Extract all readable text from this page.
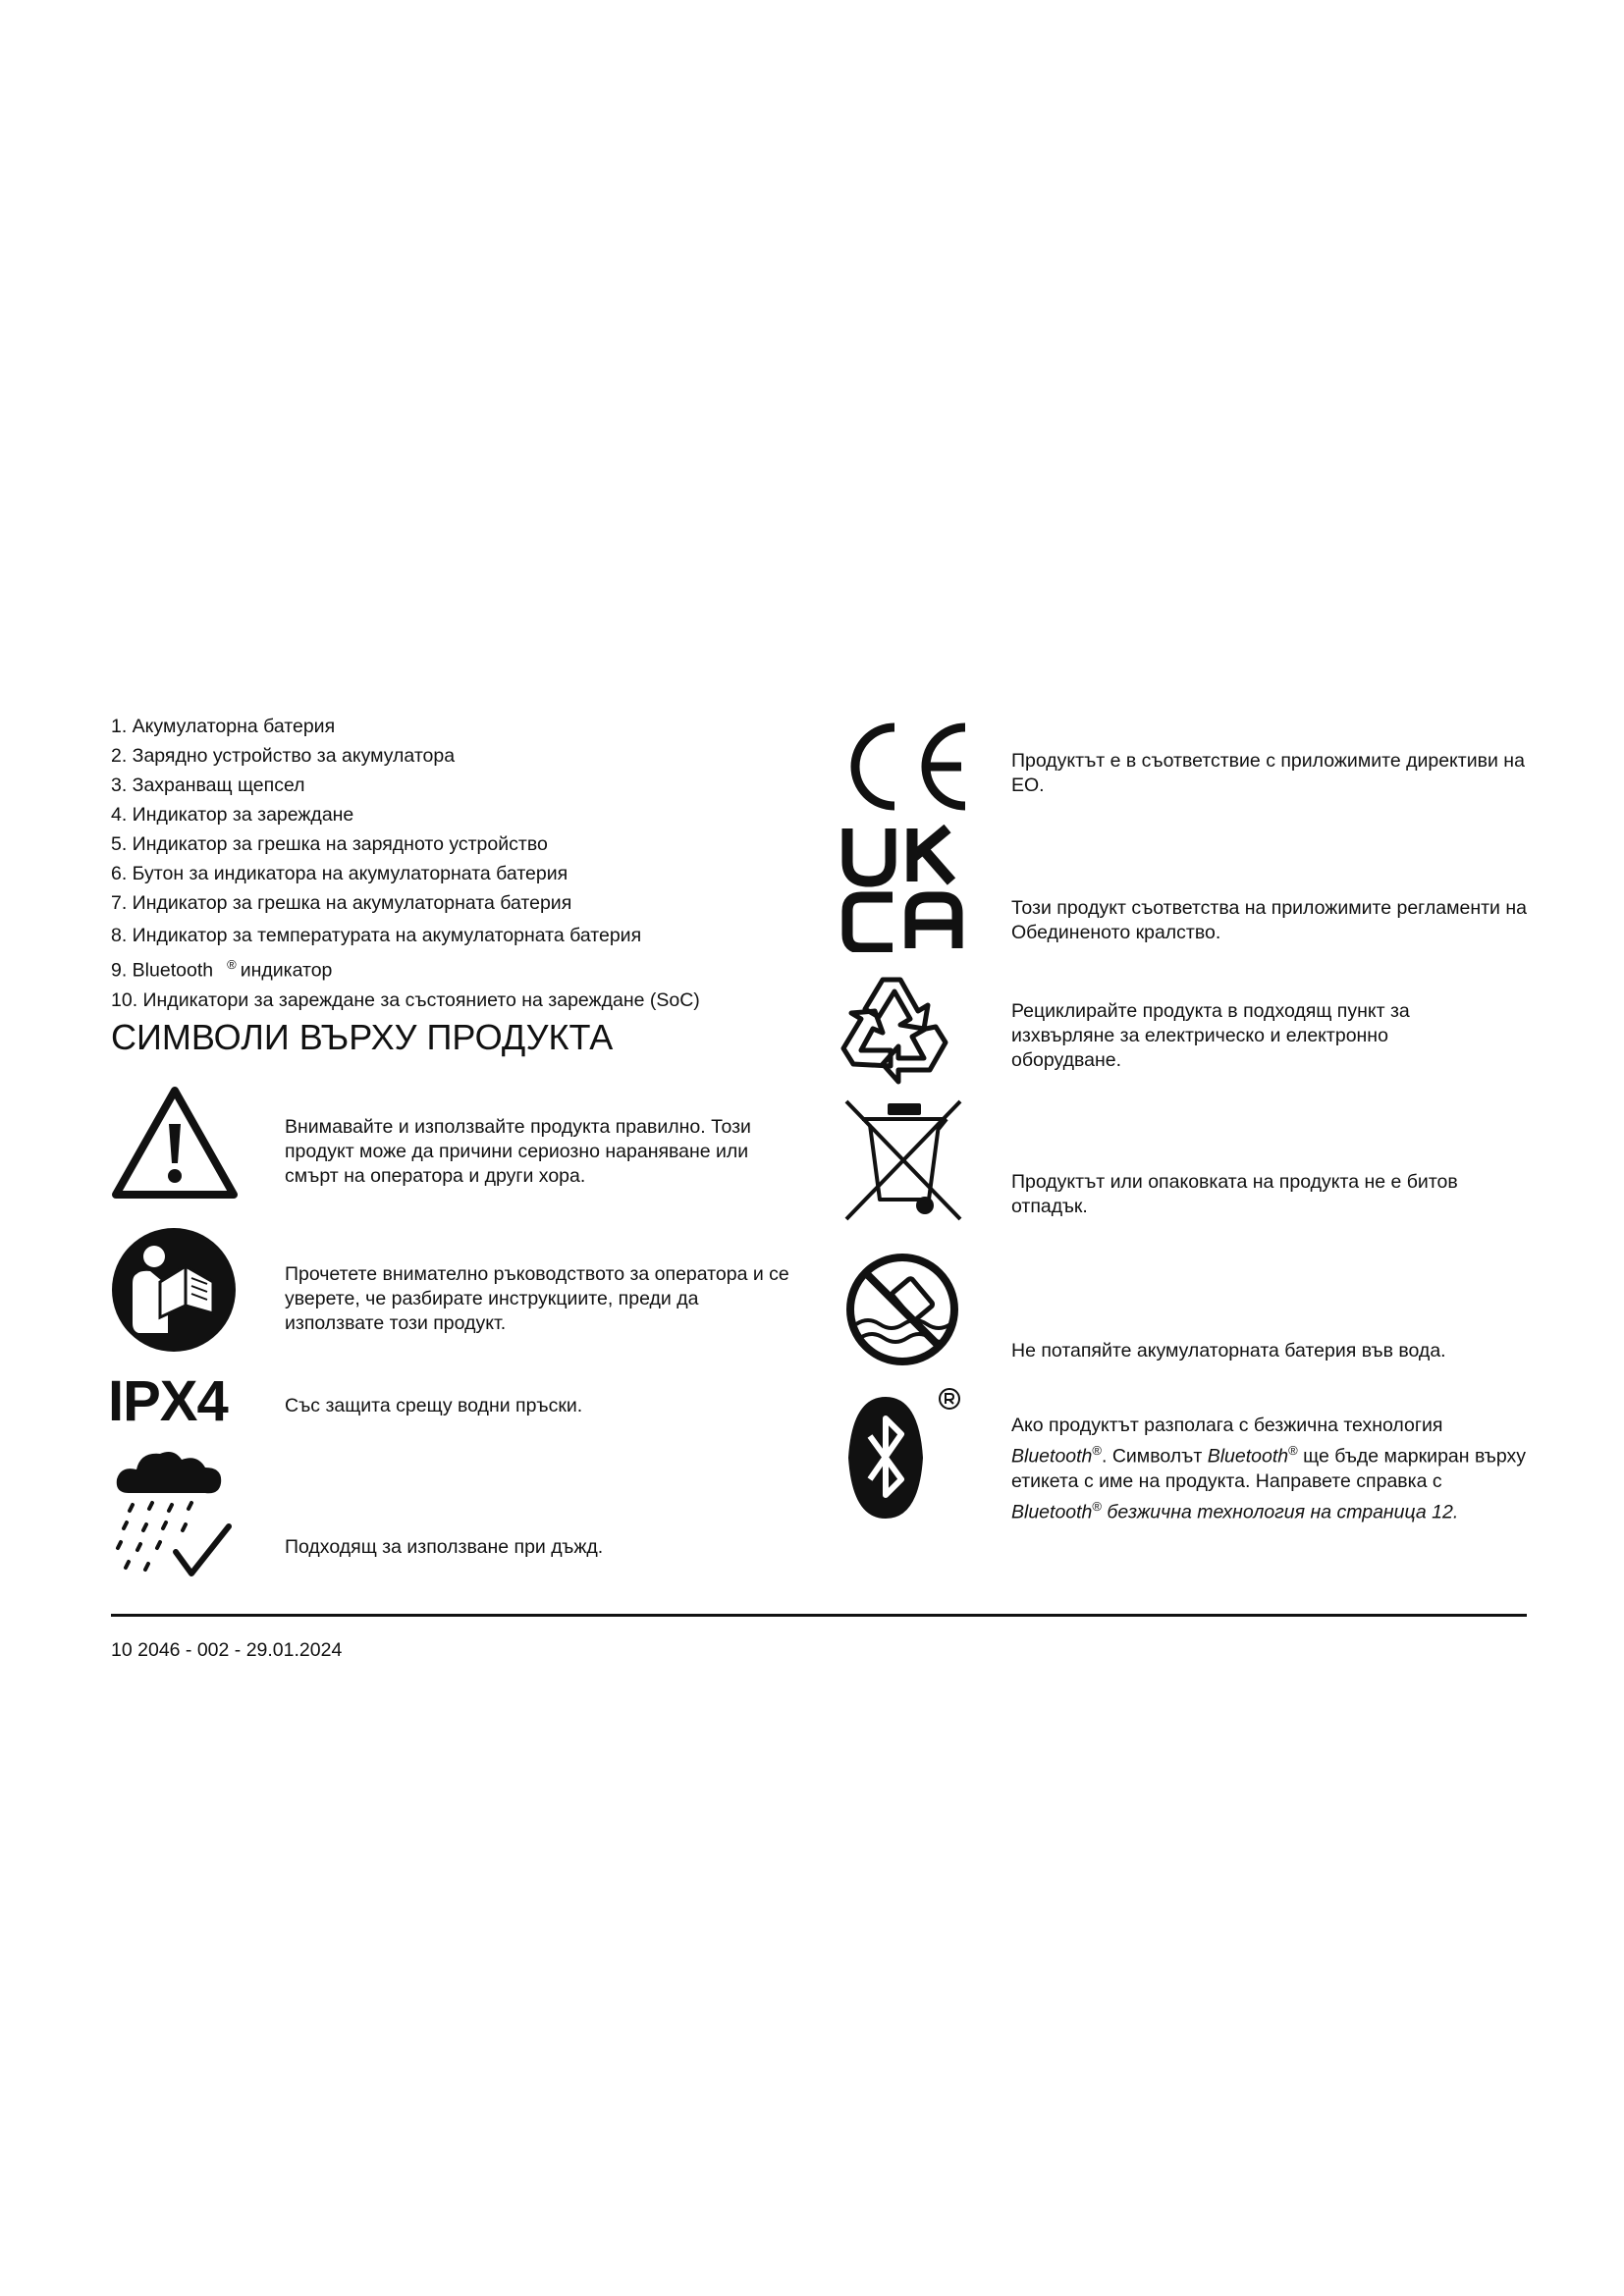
1. Акумулаторна батерия
2. Зарядно устройство за акумулатора
3. Захранващ щепсел
4. Индикатор за зареждане
5. Индикатор за грешка на зарядното устройство
6. Бутон за индикатора на акумулаторната батерия
7. Индикатор за грешка на акумулаторната батерия
8. Индикатор за температурата на акумулаторната батерия
9. Bluetooth ® индикатор
10. Индикатори за зареждане за състоянието на зареждане (SoC)
СИМВОЛИ ВЪРХУ ПРОДУКТА
Внимавайте и използвайте продукта правилно. Този продукт може да причини сериозно нараняване или смърт на оператора и други хора.
Прочетете внимателно ръководството за оператора и се уверете, че разбирате инструкциите, преди да използвате този продукт.
IPX4	Със защита срещу водни пръски.
Подходящ за използване при дъжд.
Продуктът е в съответствие с приложимите директиви на ЕО.
Този продукт съответства на приложимите регламенти на Обединеното кралство.
Рециклирайте продукта в подходящ пункт за изхвърляне за електрическо и електронно оборудване.
Продуктът или опаковката на продукта не е битов отпадък.
Не потапяйте акумулаторната батерия във вода.
Ако продуктът разполага с безжична технология
Bluetooth®. Символът Bluetooth® ще бъде маркиран върху етикета с име на продукта. Направете справка с Bluetooth® безжична технология на страница 12.
10 2046 - 002 - 29.01.2024
